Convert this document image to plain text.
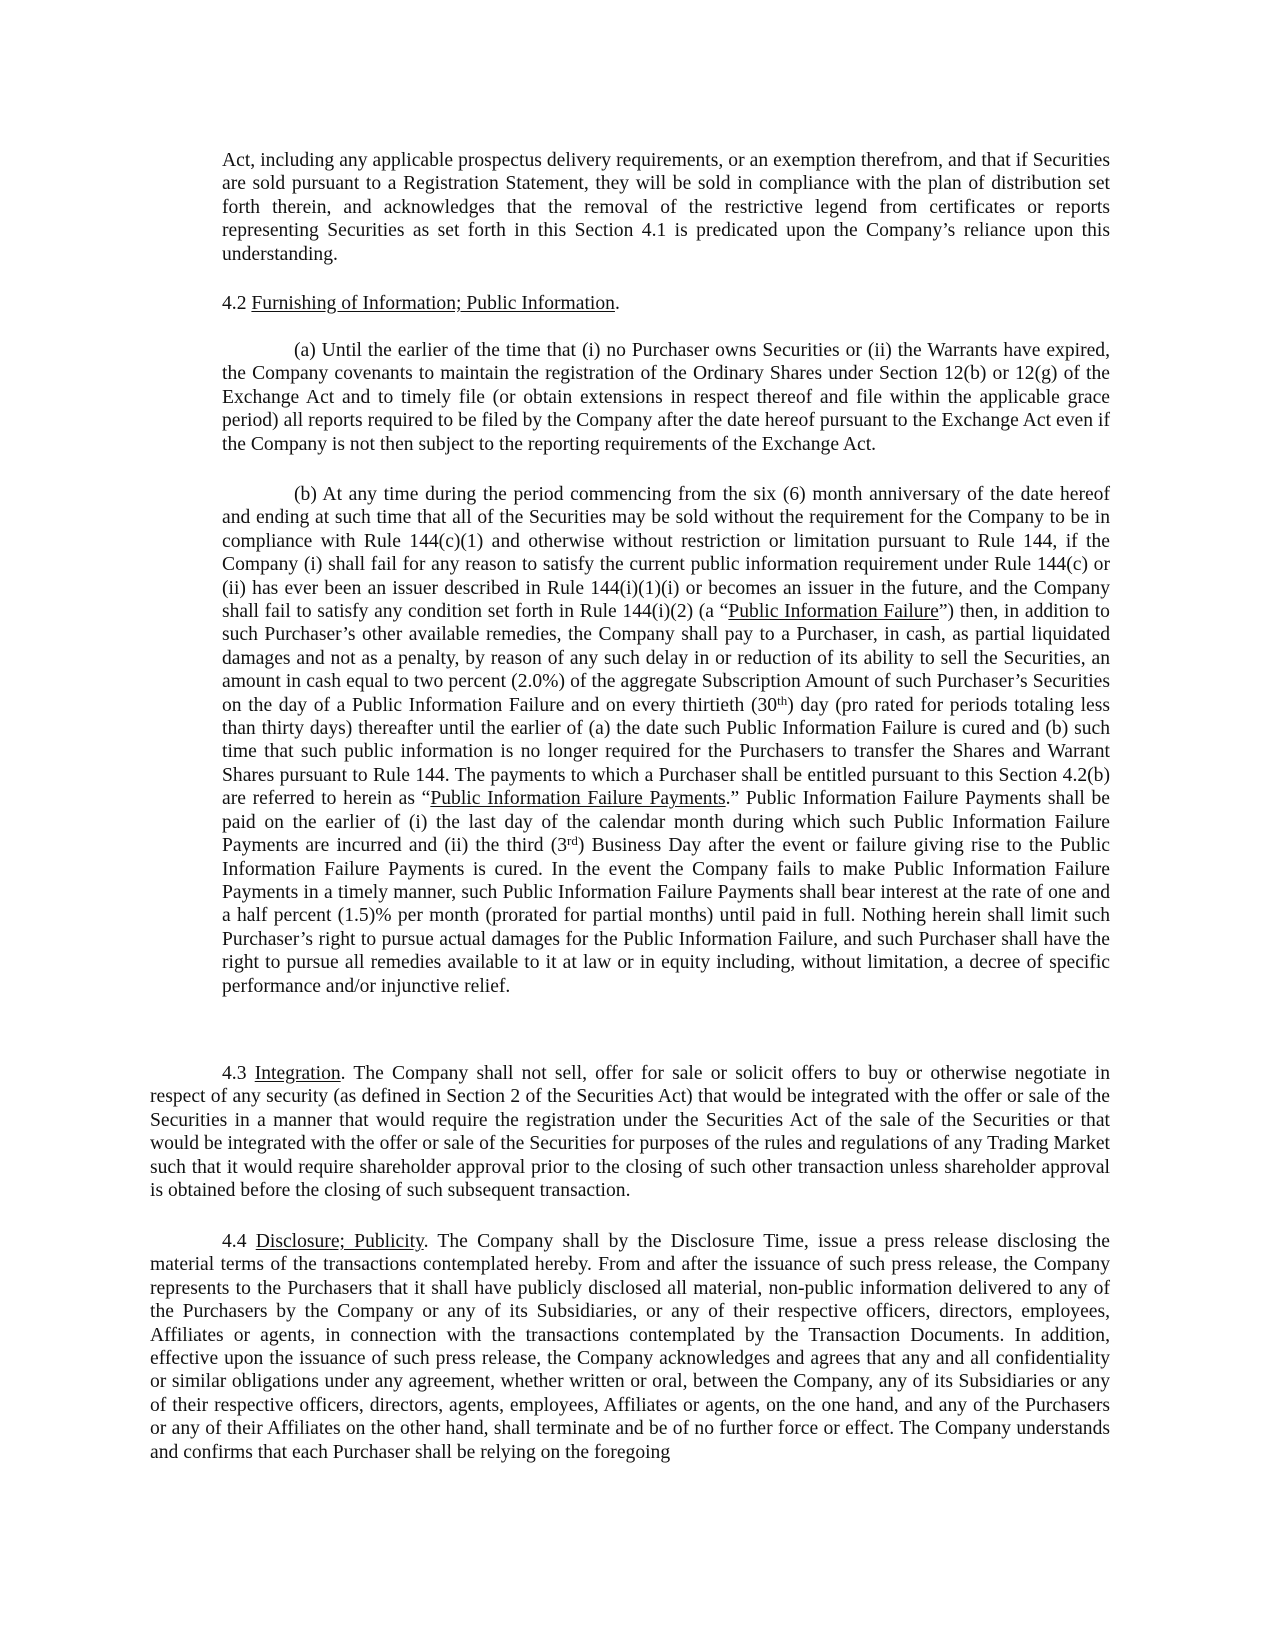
Act, including any applicable prospectus delivery requirements, or an exemption therefrom, and that if Securities are sold pursuant to a Registration Statement, they will be sold in compliance with the plan of distribution set forth therein, and acknowledges that the removal of the restrictive legend from certificates or reports representing Securities as set forth in this Section 4.1 is predicated upon the Company’s reliance upon this understanding.

4.2 Furnishing of Information; Public Information.

(a) Until the earlier of the time that (i) no Purchaser owns Securities or (ii) the Warrants have expired, the Company covenants to maintain the registration of the Ordinary Shares under Section 12(b) or 12(g) of the Exchange Act and to timely file (or obtain extensions in respect thereof and file within the applicable grace period) all reports required to be filed by the Company after the date hereof pursuant to the Exchange Act even if the Company is not then subject to the reporting requirements of the Exchange Act.

(b) At any time during the period commencing from the six (6) month anniversary of the date hereof and ending at such time that all of the Securities may be sold without the requirement for the Company to be in compliance with Rule 144(c)(1) and otherwise without restriction or limitation pursuant to Rule 144, if the Company (i) shall fail for any reason to satisfy the current public information requirement under Rule 144(c) or (ii) has ever been an issuer described in Rule 144(i)(1)(i) or becomes an issuer in the future, and the Company shall fail to satisfy any condition set forth in Rule 144(i)(2) (a “Public Information Failure”) then, in addition to such Purchaser’s other available remedies, the Company shall pay to a Purchaser, in cash, as partial liquidated damages and not as a penalty, by reason of any such delay in or reduction of its ability to sell the Securities, an amount in cash equal to two percent (2.0%) of the aggregate Subscription Amount of such Purchaser’s Securities on the day of a Public Information Failure and on every thirtieth (30th) day (pro rated for periods totaling less than thirty days) thereafter until the earlier of (a) the date such Public Information Failure is cured and (b) such time that such public information is no longer required for the Purchasers to transfer the Shares and Warrant Shares pursuant to Rule 144. The payments to which a Purchaser shall be entitled pursuant to this Section 4.2(b) are referred to herein as “Public Information Failure Payments.” Public Information Failure Payments shall be paid on the earlier of (i) the last day of the calendar month during which such Public Information Failure Payments are incurred and (ii) the third (3rd) Business Day after the event or failure giving rise to the Public Information Failure Payments is cured. In the event the Company fails to make Public Information Failure Payments in a timely manner, such Public Information Failure Payments shall bear interest at the rate of one and a half percent (1.5)% per month (prorated for partial months) until paid in full. Nothing herein shall limit such Purchaser’s right to pursue actual damages for the Public Information Failure, and such Purchaser shall have the right to pursue all remedies available to it at law or in equity including, without limitation, a decree of specific performance and/or injunctive relief.

4.3 Integration. The Company shall not sell, offer for sale or solicit offers to buy or otherwise negotiate in respect of any security (as defined in Section 2 of the Securities Act) that would be integrated with the offer or sale of the Securities in a manner that would require the registration under the Securities Act of the sale of the Securities or that would be integrated with the offer or sale of the Securities for purposes of the rules and regulations of any Trading Market such that it would require shareholder approval prior to the closing of such other transaction unless shareholder approval is obtained before the closing of such subsequent transaction.

4.4 Disclosure; Publicity. The Company shall by the Disclosure Time, issue a press release disclosing the material terms of the transactions contemplated hereby. From and after the issuance of such press release, the Company represents to the Purchasers that it shall have publicly disclosed all material, non-public information delivered to any of the Purchasers by the Company or any of its Subsidiaries, or any of their respective officers, directors, employees, Affiliates or agents, in connection with the transactions contemplated by the Transaction Documents. In addition, effective upon the issuance of such press release, the Company acknowledges and agrees that any and all confidentiality or similar obligations under any agreement, whether written or oral, between the Company, any of its Subsidiaries or any of their respective officers, directors, agents, employees, Affiliates or agents, on the one hand, and any of the Purchasers or any of their Affiliates on the other hand, shall terminate and be of no further force or effect. The Company understands and confirms that each Purchaser shall be relying on the foregoing
